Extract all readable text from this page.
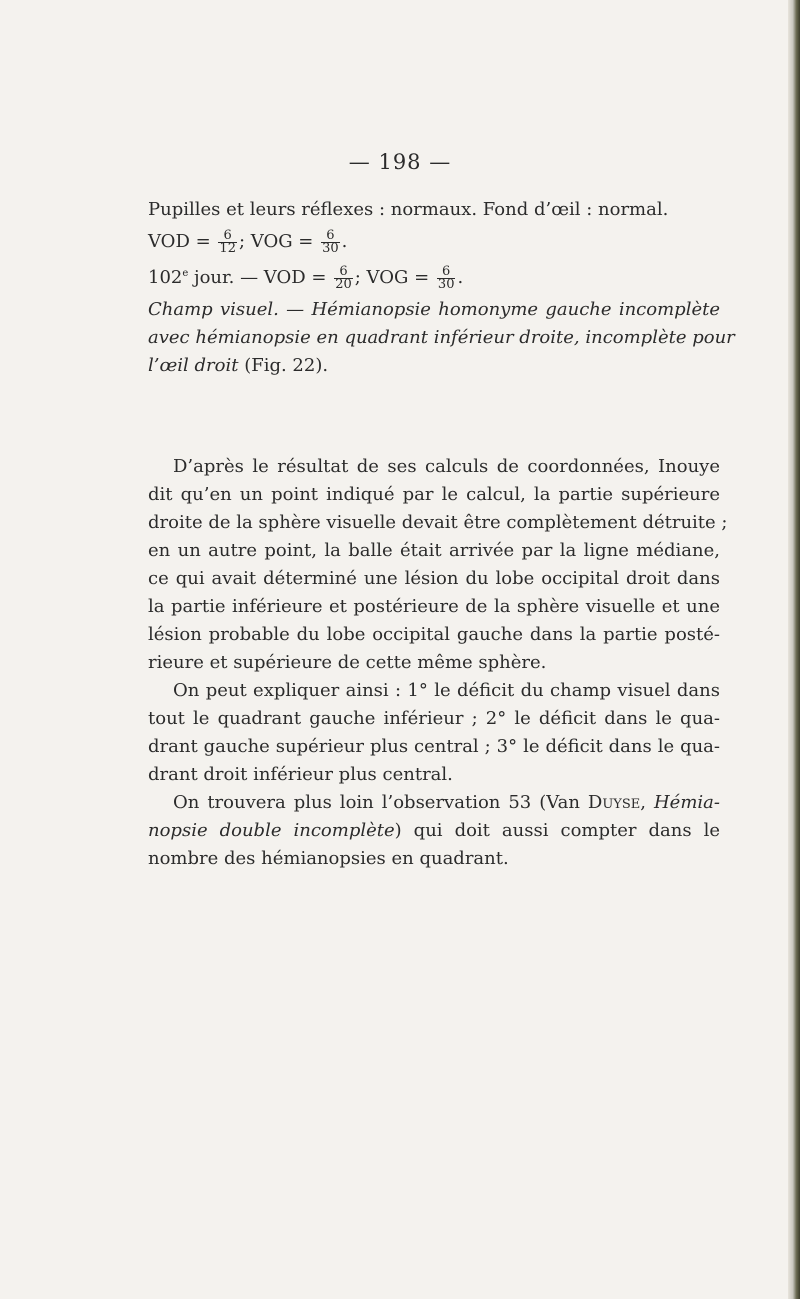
— 198 —
Pupilles et leurs réflexes : normaux. Fond d’œil : normal.
VOD = $\frac{6}{12}$ ; VOG = $\frac{6}{30}$ .
102e jour. — VOD = $\frac{6}{20}$ ; VOG = $\frac{6}{30}$ .
Champ visuel. — Hémianopsie homonyme gauche incomplète
avec hémianopsie en quadrant inférieur droite, incomplète pour
l’œil droit (Fig. 22).
D’après le résultat de ses calculs de coordonnées, Inouye
dit qu’en un point indiqué par le calcul, la partie supérieure
droite de la sphère visuelle devait être complètement détruite ;
en un autre point, la balle était arrivée par la ligne médiane,
ce qui avait déterminé une lésion du lobe occipital droit dans
la partie inférieure et postérieure de la sphère visuelle et une
lésion probable du lobe occipital gauche dans la partie posté-
rieure et supérieure de cette même sphère.
On peut expliquer ainsi : 1° le déficit du champ visuel dans
tout le quadrant gauche inférieur ; 2° le déficit dans le qua-
drant gauche supérieur plus central ; 3° le déficit dans le qua-
drant droit inférieur plus central.
On trouvera plus loin l’observation 53 (Van Duyse, Hémia-
nopsie double incomplète) qui doit aussi compter dans le
nombre des hémianopsies en quadrant.
